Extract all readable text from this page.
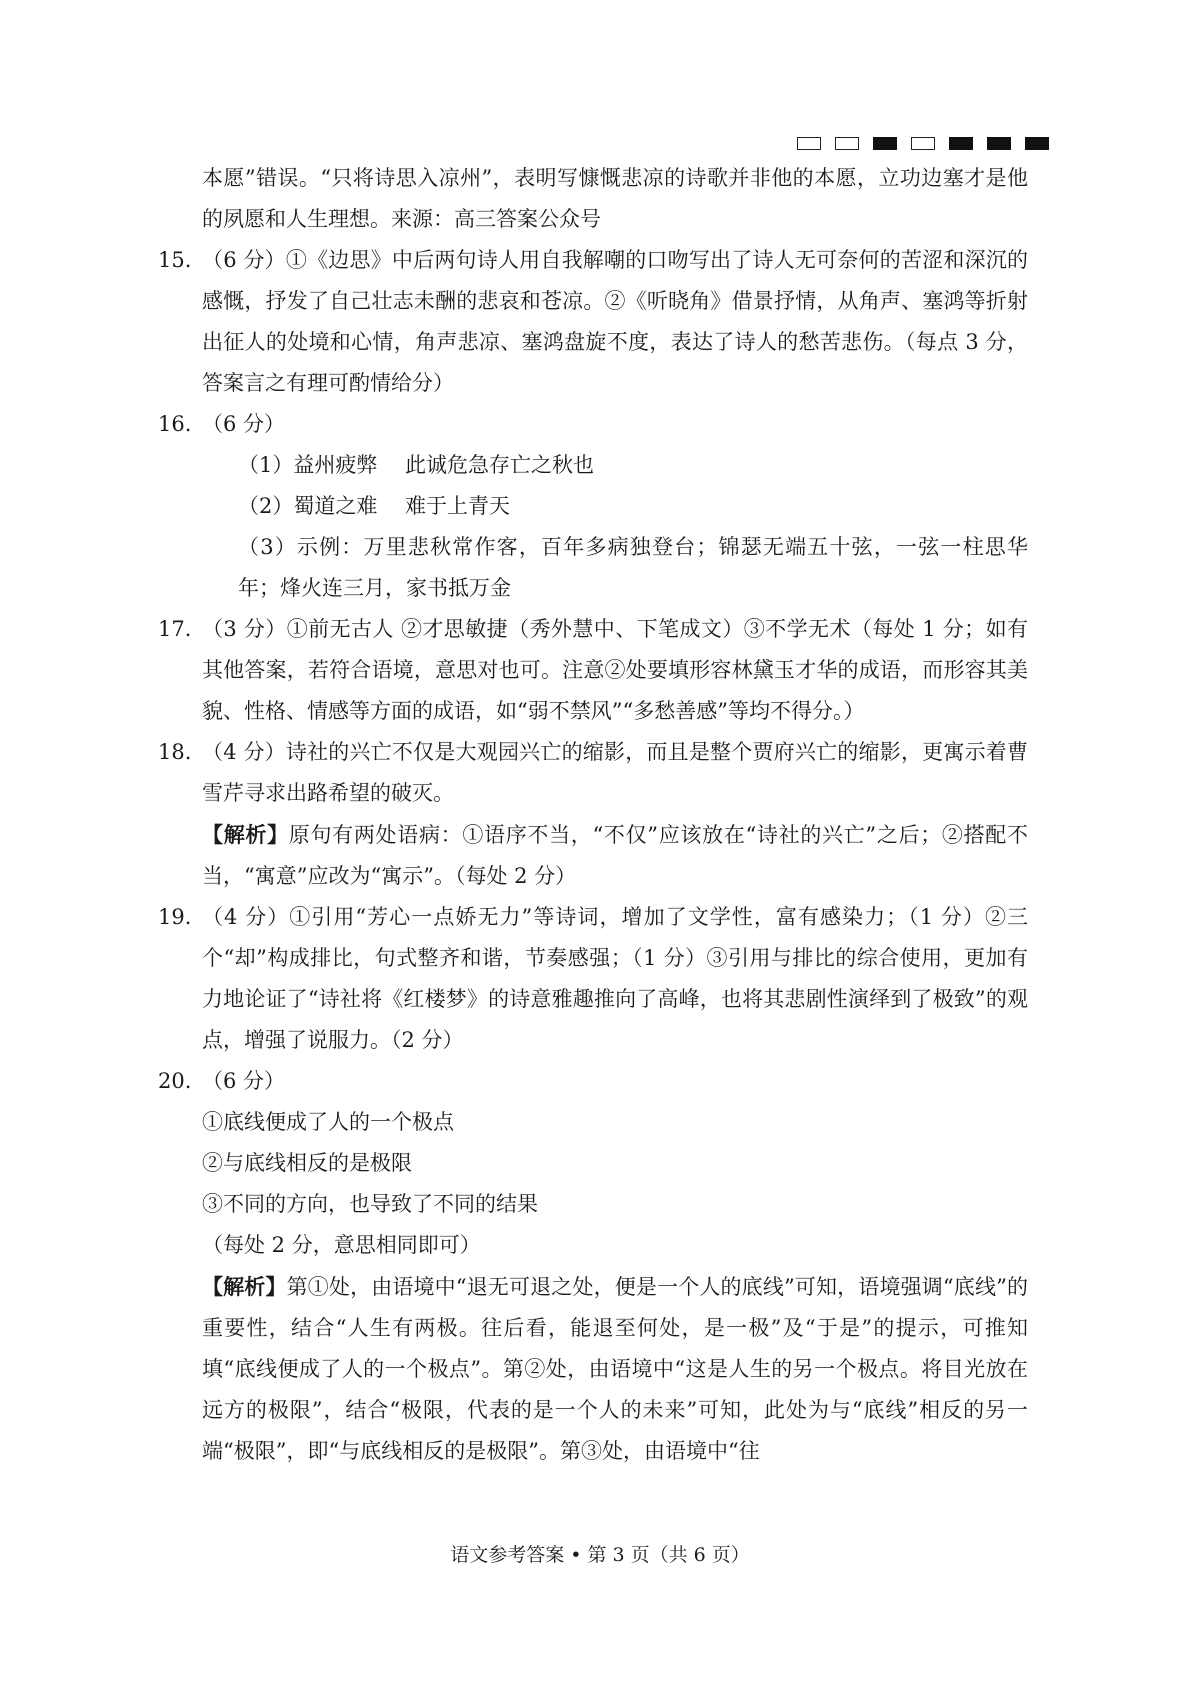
本愿”错误。“只将诗思入凉州”，表明写慷慨悲凉的诗歌并非他的本愿，立功边塞才是他的夙愿和人生理想。来源：高三答案公众号
15. （6 分）①《边思》中后两句诗人用自我解嘲的口吻写出了诗人无可奈何的苦涩和深沉的感慨，抒发了自己壮志未酬的悲哀和苍凉。②《听晓角》借景抒情，从角声、塞鸿等折射出征人的处境和心情，角声悲凉、塞鸿盘旋不度，表达了诗人的愁苦悲伤。（每点 3 分，答案言之有理可酌情给分）
16. （6 分）
（1）益州疲弊　 此诚危急存亡之秋也
（2）蜀道之难　 难于上青天
（3）示例：万里悲秋常作客，百年多病独登台；锦瑟无端五十弦，一弦一柱思华年；烽火连三月，家书抵万金
17. （3 分）①前无古人 ②才思敏捷（秀外慧中、下笔成文）③不学无术（每处 1 分；如有其他答案，若符合语境，意思对也可。注意②处要填形容林黛玉才华的成语，而形容其美貌、性格、情感等方面的成语，如“弱不禁风”“多愁善感”等均不得分。）
18. （4 分）诗社的兴亡不仅是大观园兴亡的缩影，而且是整个贾府兴亡的缩影，更寓示着曹雪芹寻求出路希望的破灭。
【解析】原句有两处语病：①语序不当，“不仅”应该放在“诗社的兴亡”之后；②搭配不当，“寓意”应改为“寓示”。（每处 2 分）
19. （4 分）①引用“芳心一点娇无力”等诗词，增加了文学性，富有感染力；（1 分）②三个“却”构成排比，句式整齐和谐，节奏感强；（1 分）③引用与排比的综合使用，更加有力地论证了“诗社将《红楼梦》的诗意雅趣推向了高峰，也将其悲剧性演绎到了极致”的观点，增强了说服力。（2 分）
20. （6 分）
①底线便成了人的一个极点
②与底线相反的是极限
③不同的方向，也导致了不同的结果
（每处 2 分，意思相同即可）
【解析】第①处，由语境中“退无可退之处，便是一个人的底线”可知，语境强调“底线”的重要性，结合“人生有两极。往后看，能退至何处，是一极”及“于是”的提示，可推知填“底线便成了人的一个极点”。第②处，由语境中“这是人生的另一个极点。将目光放在远方的极限”，结合“极限，代表的是一个人的未来”可知，此处为与“底线”相反的另一端“极限”，即“与底线相反的是极限”。第③处，由语境中“往
语文参考答案 • 第 3 页（共 6 页）
